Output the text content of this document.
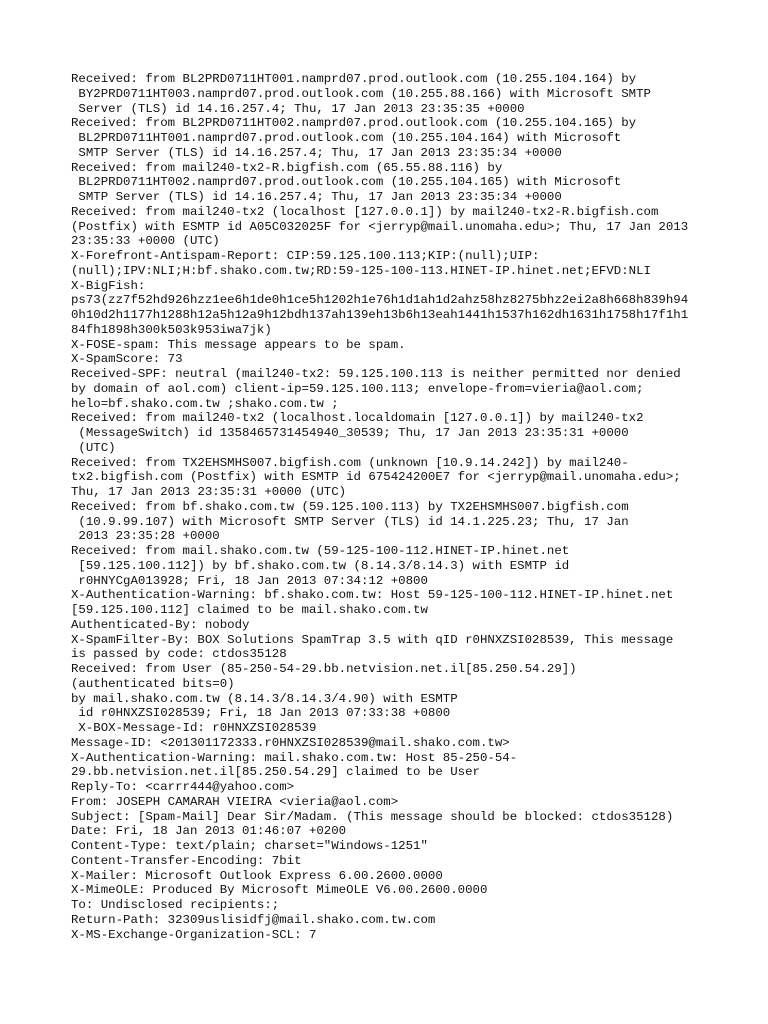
Received: from BL2PRD0711HT001.namprd07.prod.outlook.com (10.255.104.164) by
BY2PRD0711HT003.namprd07.prod.outlook.com (10.255.88.166) with Microsoft SMTP
Server (TLS) id 14.16.257.4; Thu, 17 Jan 2013 23:35:35 +0000
Received: from BL2PRD0711HT002.namprd07.prod.outlook.com (10.255.104.165) by
BL2PRD0711HT001.namprd07.prod.outlook.com (10.255.104.164) with Microsoft
SMTP Server (TLS) id 14.16.257.4; Thu, 17 Jan 2013 23:35:34 +0000
Received: from mail240-tx2-R.bigfish.com (65.55.88.116) by
BL2PRD0711HT002.namprd07.prod.outlook.com (10.255.104.165) with Microsoft
SMTP Server (TLS) id 14.16.257.4; Thu, 17 Jan 2013 23:35:34 +0000
Received: from mail240-tx2 (localhost [127.0.0.1]) by mail240-tx2-R.bigfish.com
(Postfix) with ESMTP id A05C032025F for <jerryp@mail.unomaha.edu>; Thu, 17 Jan 2013
23:35:33 +0000 (UTC)
X-Forefront-Antispam-Report: CIP:59.125.100.113;KIP:(null);UIP:
(null);IPV:NLI;H:bf.shako.com.tw;RD:59-125-100-113.HINET-IP.hinet.net;EFVD:NLI
X-BigFish:
ps73(zz7f52hd926hzz1ee6h1de0h1ce5h1202h1e76h1d1ah1d2ahz58hz8275bhz2ei2a8h668h839h94
0h10d2h1177h1288h12a5h12a9h12bdh137ah139eh13b6h13eah1441h1537h162dh1631h1758h17f1h1
84fh1898h300k503k953iwa7jk)
X-FOSE-spam: This message appears to be spam.
X-SpamScore: 73
Received-SPF: neutral (mail240-tx2: 59.125.100.113 is neither permitted nor denied
by domain of aol.com) client-ip=59.125.100.113; envelope-from=vieria@aol.com;
helo=bf.shako.com.tw ;shako.com.tw ;
Received: from mail240-tx2 (localhost.localdomain [127.0.0.1]) by mail240-tx2
(MessageSwitch) id 1358465731454940_30539; Thu, 17 Jan 2013 23:35:31 +0000
(UTC)
Received: from TX2EHSMHS007.bigfish.com (unknown [10.9.14.242]) by mail240-
tx2.bigfish.com (Postfix) with ESMTP id 675424200E7 for <jerryp@mail.unomaha.edu>;
Thu, 17 Jan 2013 23:35:31 +0000 (UTC)
Received: from bf.shako.com.tw (59.125.100.113) by TX2EHSMHS007.bigfish.com
(10.9.99.107) with Microsoft SMTP Server (TLS) id 14.1.225.23; Thu, 17 Jan
2013 23:35:28 +0000
Received: from mail.shako.com.tw (59-125-100-112.HINET-IP.hinet.net
[59.125.100.112]) by bf.shako.com.tw (8.14.3/8.14.3) with ESMTP id
r0HNYCgA013928; Fri, 18 Jan 2013 07:34:12 +0800
X-Authentication-Warning: bf.shako.com.tw: Host 59-125-100-112.HINET-IP.hinet.net
[59.125.100.112] claimed to be mail.shako.com.tw
Authenticated-By: nobody
X-SpamFilter-By: BOX Solutions SpamTrap 3.5 with qID r0HNXZSI028539, This message
is passed by code: ctdos35128
Received: from User (85-250-54-29.bb.netvision.net.il[85.250.54.29])
(authenticated bits=0)
by mail.shako.com.tw (8.14.3/8.14.3/4.90) with ESMTP
id r0HNXZSI028539; Fri, 18 Jan 2013 07:33:38 +0800
X-BOX-Message-Id: r0HNXZSI028539
Message-ID: <201301172333.r0HNXZSI028539@mail.shako.com.tw>
X-Authentication-Warning: mail.shako.com.tw: Host 85-250-54-
29.bb.netvision.net.il[85.250.54.29] claimed to be User
Reply-To: <carrr444@yahoo.com>
From: JOSEPH CAMARAH VIEIRA <vieria@aol.com>
Subject: [Spam-Mail] Dear Sir/Madam. (This message should be blocked: ctdos35128)
Date: Fri, 18 Jan 2013 01:46:07 +0200
Content-Type: text/plain; charset="Windows-1251"
Content-Transfer-Encoding: 7bit
X-Mailer: Microsoft Outlook Express 6.00.2600.0000
X-MimeOLE: Produced By Microsoft MimeOLE V6.00.2600.0000
To: Undisclosed recipients:;
Return-Path: 32309uslisidfj@mail.shako.com.tw.com
X-MS-Exchange-Organization-SCL: 7
